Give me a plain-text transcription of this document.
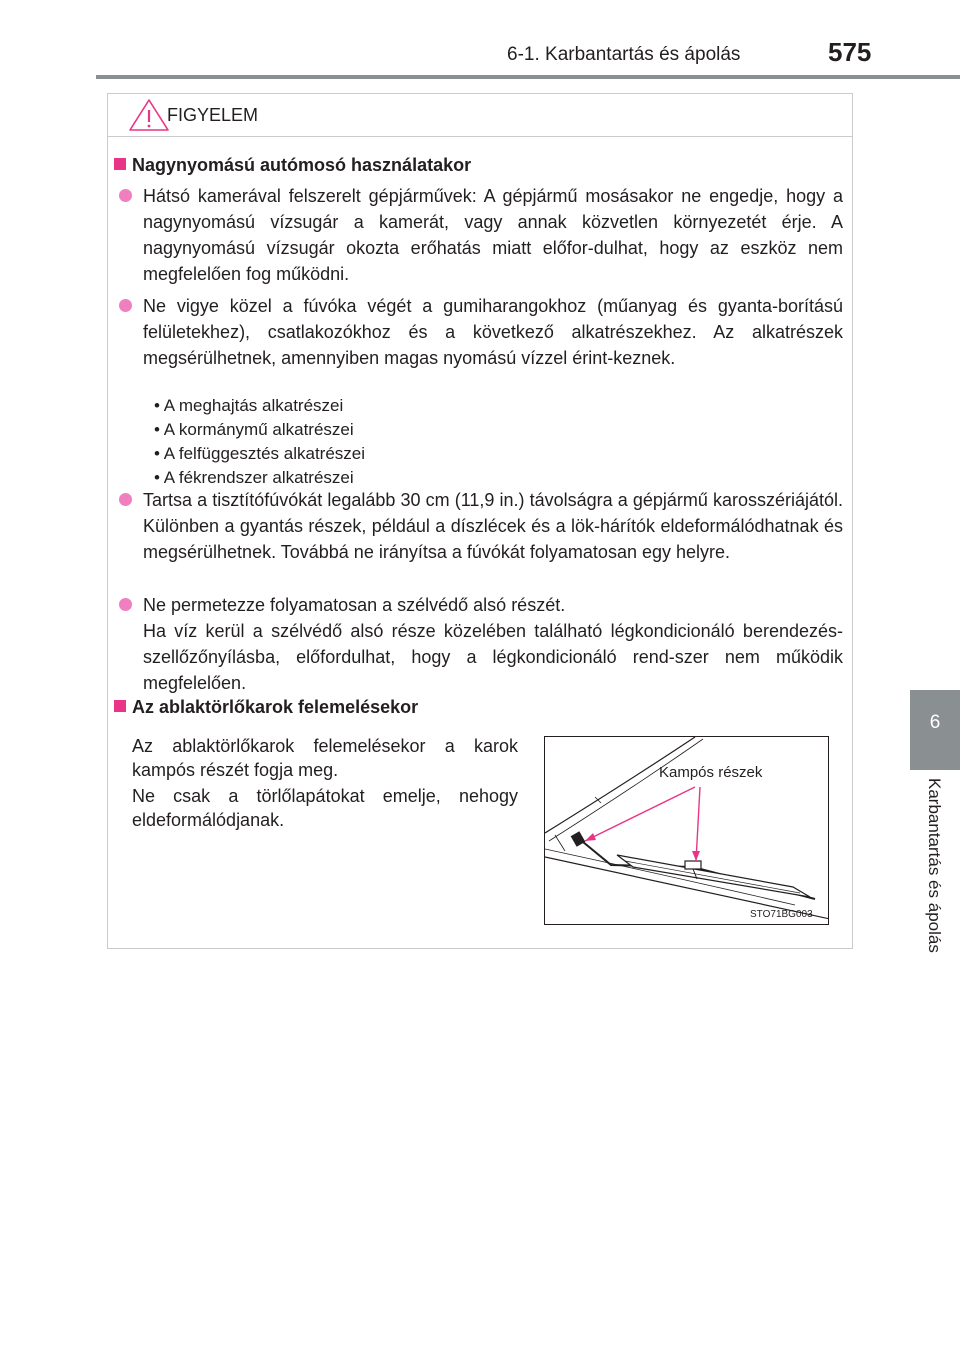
6-1. Karbantartás és ápolás	575
6
Karbantartás és ápolás
FIGYELEM
Nagynyomású autómosó használatakor
Hátsó kamerával felszerelt gépjárművek: A gépjármű mosásakor ne engedje, hogy a nagynyomású vízsugár a kamerát, vagy annak közvetlen környezetét érje. A nagynyomású vízsugár okozta erőhatás miatt előfor-dulhat, hogy az eszköz nem megfelelően fog működni.
Ne vigye közel a fúvóka végét a gumiharangokhoz (műanyag és gyanta-borítású felületekhez), csatlakozókhoz és a következő alkatrészekhez. Az alkatrészek megsérülhetnek, amennyiben magas nyomású vízzel érint-keznek.
• A meghajtás alkatrészei
• A kormánymű alkatrészei
• A felfüggesztés alkatrészei
• A fékrendszer alkatrészei
Tartsa a tisztítófúvókát legalább 30 cm (11,9 in.) távolságra a gépjármű karosszériájától. Különben a gyantás részek, például a díszlécek és a lök-hárítók eldeformálódhatnak és megsérülhetnek. Továbbá ne irányítsa a fúvókát folyamatosan egy helyre.
Ne permetezze folyamatosan a szélvédő alsó részét.
Ha víz kerül a szélvédő alsó része közelében található légkondicionáló berendezés-szellőzőnyílásba, előfordulhat, hogy a légkondicionáló rend-szer nem működik megfelelően.
Az ablaktörlőkarok felemelésekor
Az ablaktörlőkarok felemelésekor a karok kampós részét fogja meg.
Ne csak a törlőlapátokat emelje, nehogy eldeformálódjanak.
Kampós részek
STO71BG003
